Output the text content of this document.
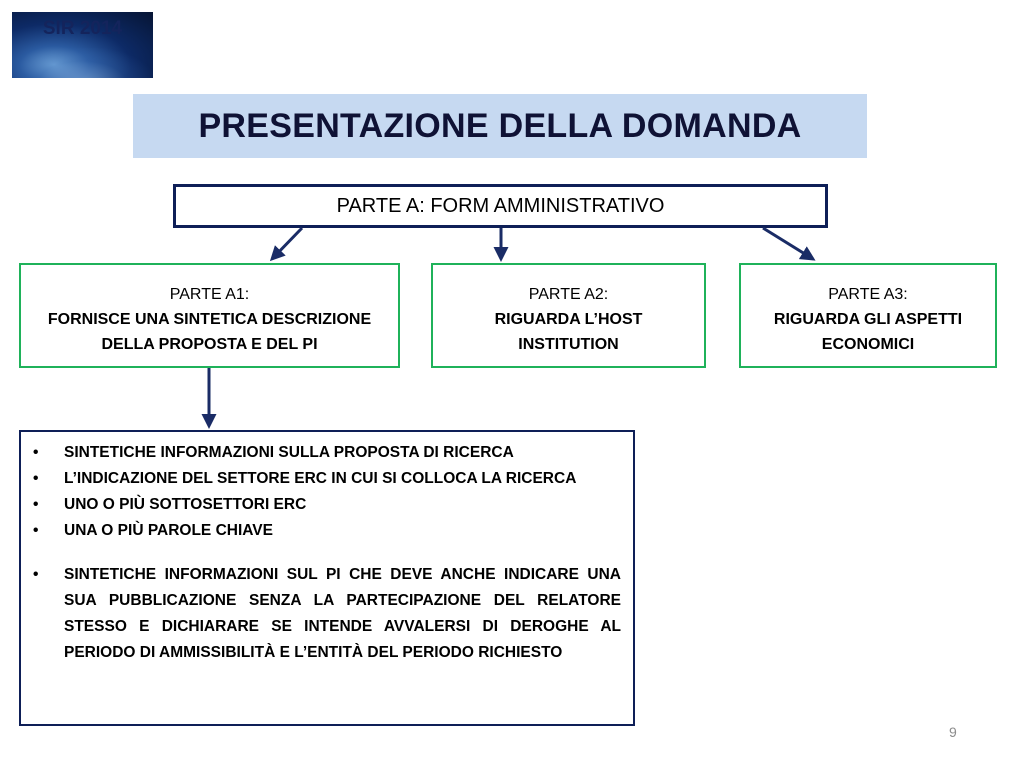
SIR 2014
PRESENTAZIONE DELLA DOMANDA
PARTE A: FORM AMMINISTRATIVO
PARTE A1:
FORNISCE UNA SINTETICA DESCRIZIONE DELLA PROPOSTA E DEL PI
PARTE A2:
RIGUARDA L’HOST INSTITUTION
PARTE A3:
RIGUARDA GLI ASPETTI ECONOMICI
• SINTETICHE INFORMAZIONI SULLA PROPOSTA DI RICERCA
• L’INDICAZIONE DEL SETTORE ERC IN CUI SI COLLOCA LA RICERCA
• UNO O PIÙ SOTTOSETTORI ERC
• UNA O PIÙ PAROLE CHIAVE
• SINTETICHE INFORMAZIONI SUL PI CHE DEVE ANCHE INDICARE UNA SUA PUBBLICAZIONE SENZA LA PARTECIPAZIONE DEL RELATORE STESSO E DICHIARARE SE INTENDE AVVALERSI DI DEROGHE AL PERIODO DI AMMISSIBILITÀ E L’ENTITÀ DEL PERIODO RICHIESTO
9
